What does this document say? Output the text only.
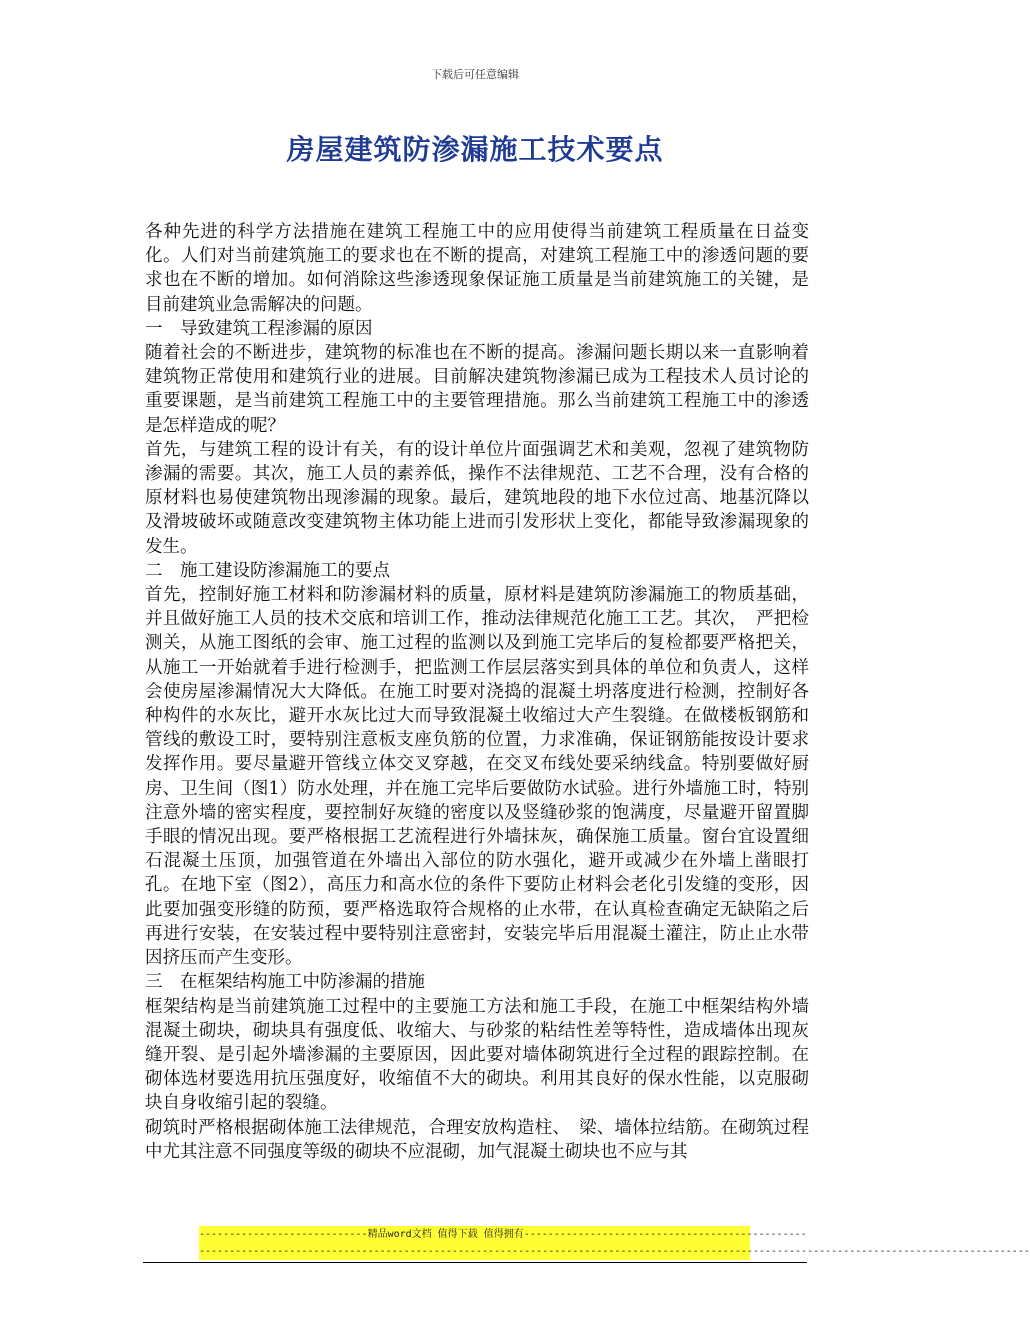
下载后可任意编辑
房屋建筑防渗漏施工技术要点

各种先进的科学方法措施在建筑工程施工中的应用使得当前建筑工程质量在日益变化。人们对当前建筑施工的要求也在不断的提高，对建筑工程施工中的渗透问题的要求也在不断的增加。如何消除这些渗透现象保证施工质量是当前建筑施工的关键，是目前建筑业急需解决的问题。

一　导致建筑工程渗漏的原因

随着社会的不断进步，建筑物的标准也在不断的提高。渗漏问题长期以来一直影响着建筑物正常使用和建筑行业的进展。目前解决建筑物渗漏已成为工程技术人员讨论的重要课题，是当前建筑工程施工中的主要管理措施。那么当前建筑工程施工中的渗透是怎样造成的呢？

首先，与建筑工程的设计有关，有的设计单位片面强调艺术和美观，忽视了建筑物防渗漏的需要。其次，施工人员的素养低，操作不法律规范、工艺不合理，没有合格的原材料也易使建筑物出现渗漏的现象。最后，建筑地段的地下水位过高、地基沉降以及滑坡破坏或随意改变建筑物主体功能上进而引发形状上变化，都能导致渗漏现象的发生。

二　施工建设防渗漏施工的要点

首先，控制好施工材料和防渗漏材料的质量，原材料是建筑防渗漏施工的物质基础，并且做好施工人员的技术交底和培训工作，推动法律规范化施工工艺。其次，　严把检测关，从施工图纸的会审、施工过程的监测以及到施工完毕后的复检都要严格把关，从施工一开始就着手进行检测手，把监测工作层层落实到具体的单位和负责人，这样会使房屋渗漏情况大大降低。在施工时要对浇捣的混凝土坍落度进行检测，控制好各种构件的水灰比，避开水灰比过大而导致混凝土收缩过大产生裂缝。在做楼板钢筋和管线的敷设工时，要特别注意板支座负筋的位置，力求准确，保证钢筋能按设计要求发挥作用。要尽量避开管线立体交叉穿越，在交叉布线处要采纳线盒。特别要做好厨房、卫生间（图1）防水处理，并在施工完毕后要做防水试验。进行外墙施工时，特别注意外墙的密实程度，要控制好灰缝的密度以及竖缝砂浆的饱满度，尽量避开留置脚手眼的情况出现。要严格根据工艺流程进行外墙抹灰，确保施工质量。窗台宜设置细石混凝土压顶，加强管道在外墙出入部位的防水强化，避开或减少在外墙上凿眼打孔。在地下室（图2），高压力和高水位的条件下要防止材料会老化引发缝的变形，因此要加强变形缝的防预，要严格选取符合规格的止水带，在认真检查确定无缺陷之后再进行安装，在安装过程中要特别注意密封，安装完毕后用混凝土灌注，防止止水带因挤压而产生变形。

三　在框架结构施工中防渗漏的措施

框架结构是当前建筑施工过程中的主要施工方法和施工手段，在施工中框架结构外墙混凝土砌块，砌块具有强度低、收缩大、与砂浆的粘结性差等特性，造成墙体出现灰缝开裂、是引起外墙渗漏的主要原因，因此要对墙体砌筑进行全过程的跟踪控制。在砌体选材要选用抗压强度好，收缩值不大的砌块。利用其良好的保水性能，以克服砌块自身收缩引起的裂缝。

砌筑时严格根据砌体施工法律规范，合理安放构造柱、　梁、墙体拉结筋。在砌筑过程中尤其注意不同强度等级的砌块不应混砌，加气混凝土砌块也不应与其

----------------------------精品word文档 值得下载 值得拥有-----------------------------------------------
------------------------------------------------------------------------------------------------------------------------------------------
